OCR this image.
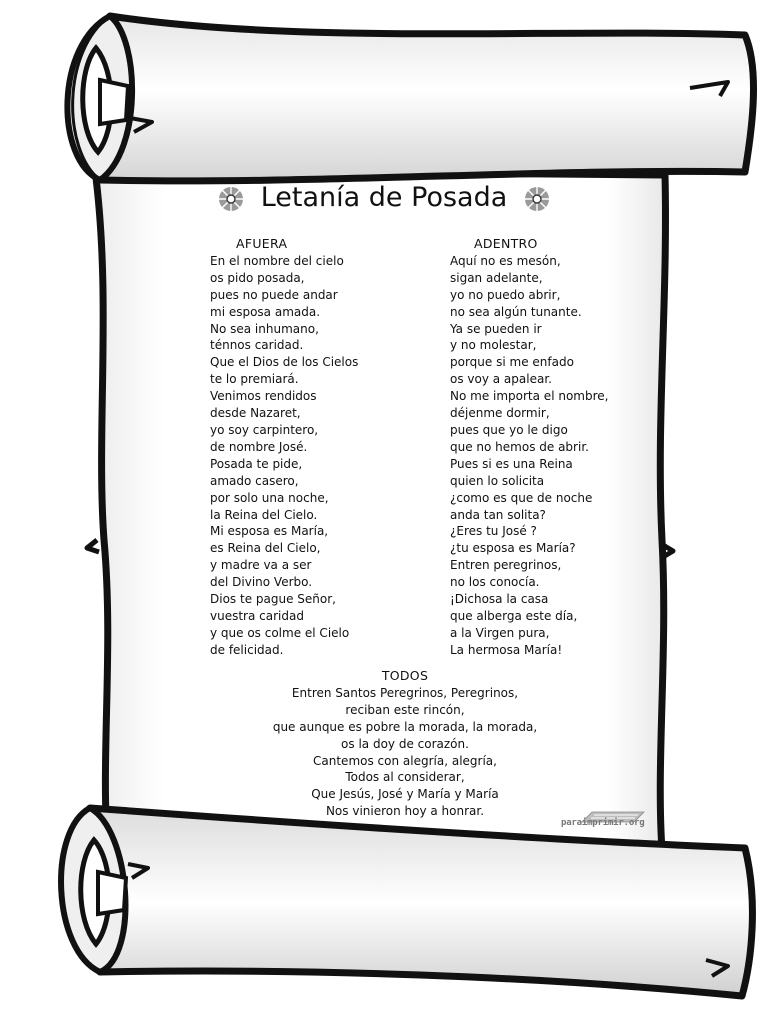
Letanía de Posada
AFUERA
En el nombre del cielo
os pido posada,
pues no puede andar
mi esposa amada.
No sea inhumano,
ténnos caridad.
Que el Dios de los Cielos
te lo premiará.
Venimos rendidos
desde Nazaret,
yo soy carpintero,
de nombre José.
Posada te pide,
amado casero,
por solo una noche,
la Reina del Cielo.
Mi esposa es María,
es Reina del Cielo,
y madre va a ser
del Divino Verbo.
Dios te pague Señor,
vuestra caridad
y que os colme el Cielo
de felicidad.
ADENTRO
Aquí no es mesón,
sigan adelante,
yo no puedo abrir,
no sea algún tunante.
Ya se pueden ir
y no molestar,
porque si me enfado
os voy a apalear.
No me importa el nombre,
déjenme dormir,
pues que yo le digo
que no hemos de abrir.
Pues si es una Reina
quien lo solicita
¿como es que de noche
anda tan solita?
¿Eres tu José ?
¿tu esposa es María?
Entren peregrinos,
no los conocía.
¡Dichosa la casa
que alberga este día,
a la Virgen pura,
La hermosa María!
TODOS
Entren Santos Peregrinos, Peregrinos,
reciban este rincón,
que aunque es pobre la morada, la morada,
os la doy de corazón.
Cantemos con alegría, alegría,
Todos al considerar,
Que Jesús, José y María y María
Nos vinieron hoy a honrar.
paraimprimir.org
